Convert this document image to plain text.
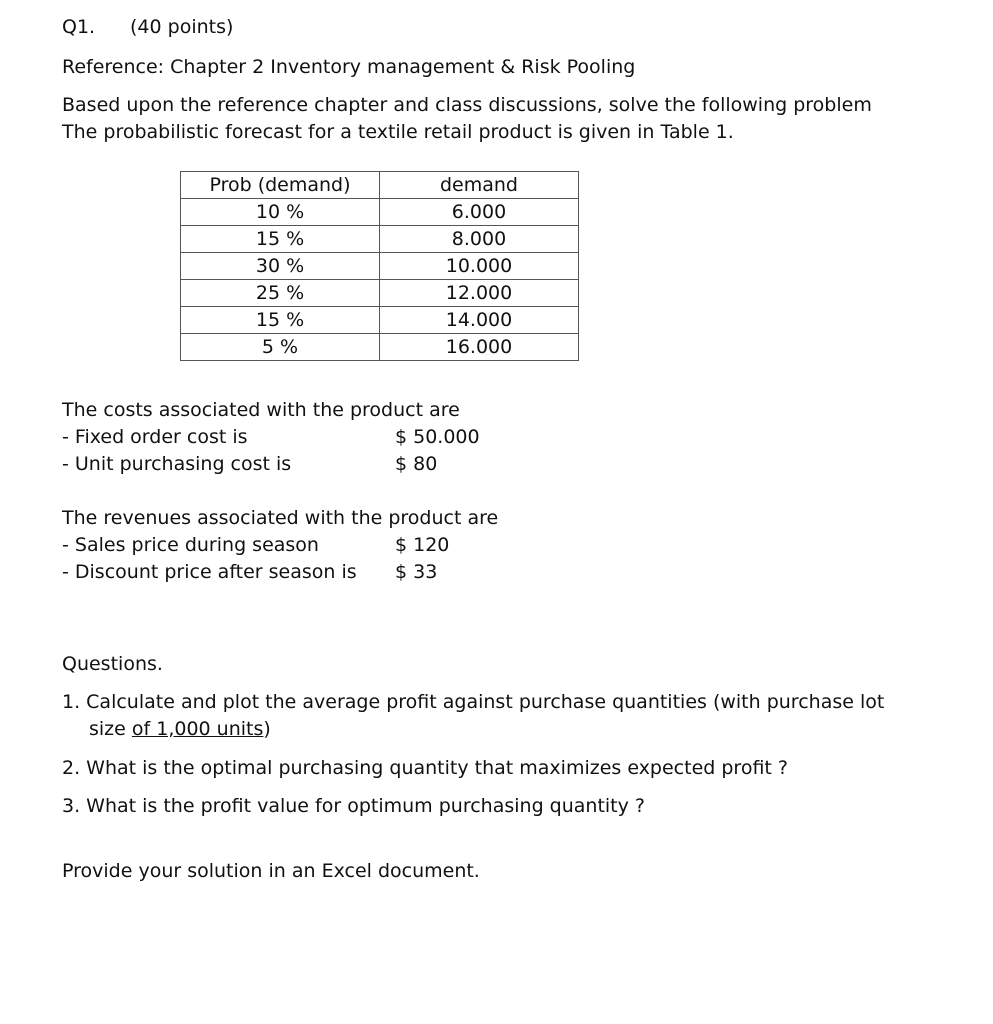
Q1. (40 points)
Reference: Chapter 2 Inventory management & Risk Pooling
Based upon the reference chapter and class discussions, solve the following problem
The probabilistic forecast for a textile retail product is given in Table 1.
Prob (demand)	demand
10 %	6.000
15 %	8.000
30 %	10.000
25 %	12.000
15 %	14.000
5 %	16.000
The costs associated with the product are
- Fixed order cost is	$ 50.000
- Unit purchasing cost is	$ 80
The revenues associated with the product are
- Sales price during season	$ 120
- Discount price after season is $ 33
Questions.
1. Calculate and plot the average profit against purchase quantities (with purchase lot
size of 1,000 units)
2. What is the optimal purchasing quantity that maximizes expected profit ?
3. What is the profit value for optimum purchasing quantity ?
Provide your solution in an Excel document.
